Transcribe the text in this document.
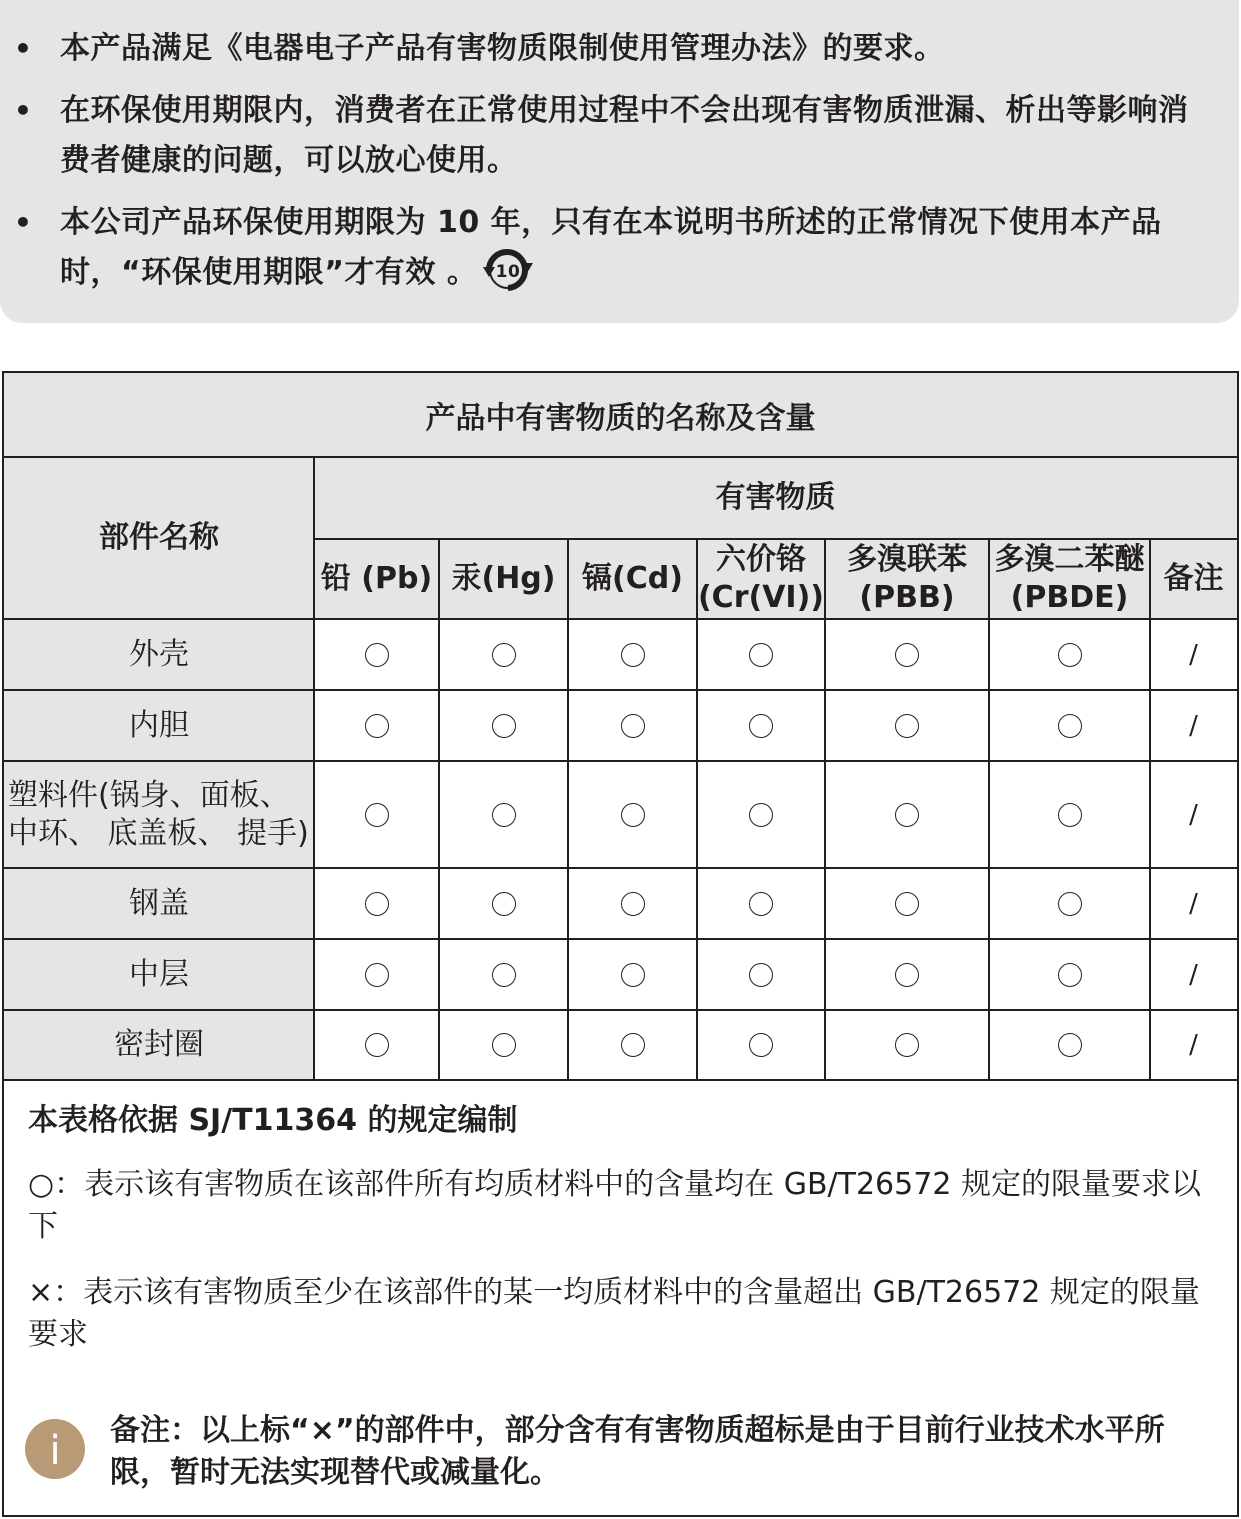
• 本产品满足《电器电子产品有害物质限制使用管理办法》的要求。
• 在环保使用期限内，消费者在正常使用过程中不会出现有害物质泄漏、析出等影响消费者健康的问题，可以放心使用。
• 本公司产品环保使用期限为 10 年，只有在本说明书所述的正常情况下使用本产品时，“环保使用期限”才有效 。 10
产品中有害物质的名称及含量
部件名称
有害物质
铅 (Pb) 汞(Hg) 镉(Cd)
六价铬
(Cr(VI))
多溴联苯
(PBB)
多溴二苯醚
(PBDE)
备注
外壳
内胆
塑料件(锅身、面板、中环、 底盖板、 提手)
钢盖
中层
密封圈
/
/
/
/
/
/
本表格依据 SJ/T11364 的规定编制
○：表示该有害物质在该部件所有均质材料中的含量均在 GB/T26572 规定的限量要求以下
×：表示该有害物质至少在该部件的某一均质材料中的含量超出 GB/T26572 规定的限量要求
i 备注：以上标“×”的部件中，部分含有有害物质超标是由于目前行业技术水平所限，暂时无法实现替代或减量化。
